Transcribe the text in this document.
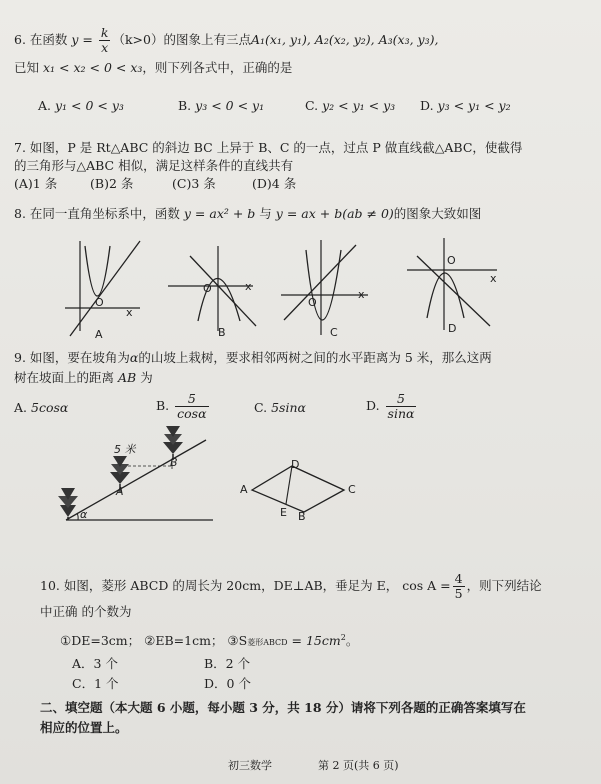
6. 在函数 $y = \frac{k}{x} (k>0)$的图象上有三点A₁(x₁, y₁), A₂(x₂, y₂), A₃(x₃, y₃),
已知 x₁ < x₂ < 0 < x₃，则下列各式中，正确的是
A. y₁ < 0 < y₃	B. y₃ < 0 < y₁	C. y₂ < y₁ < y₃ D. y₃ < y₁ < y₂
7. 如图，P 是 Rt△ABC 的斜边 BC 上异于 B、C 的一点，过点 P 做直线截△ABC，使截得
的三角形与△ABC 相似，满足这样条件的直线共有
(A)1 条	(B)2 条	(C)3 条	(D)4 条
8. 在同一直角坐标系中，函数 y = ax² + b 与 y = ax + b(ab ≠ 0)的图象大致如图
x
O
A
x
O
B
x
O
C
x
O
D
9. 如图，要在坡角为α的山坡上栽树，要求相邻两树之间的水平距离为 5 米，那么这两
树在坡面上的距离 AB 为
A. 5cosα	B. $\frac{5}{\cos\alpha}$	C. 5sinα	D. $\frac{5}{\sin\alpha}$
5 米
A
B
α
A
D
C
E B
10. 如图，菱形 ABCD 的周长为 20cm，DE⊥AB，垂足为 E， $\cos A = \frac{4}{5}$ ，则下列结论
中正确 的个数为
①DE=3cm； ②EB=1cm； ③S菱形ABCD = $15cm^2$。
A．3 个	B．2 个
C．1 个	D．0 个
二、填空题（本大题 6 小题，每小题 3 分，共 18 分）请将下列各题的正确答案填写在
相应的位置上。
初三数学	第 2 页(共 6 页)
